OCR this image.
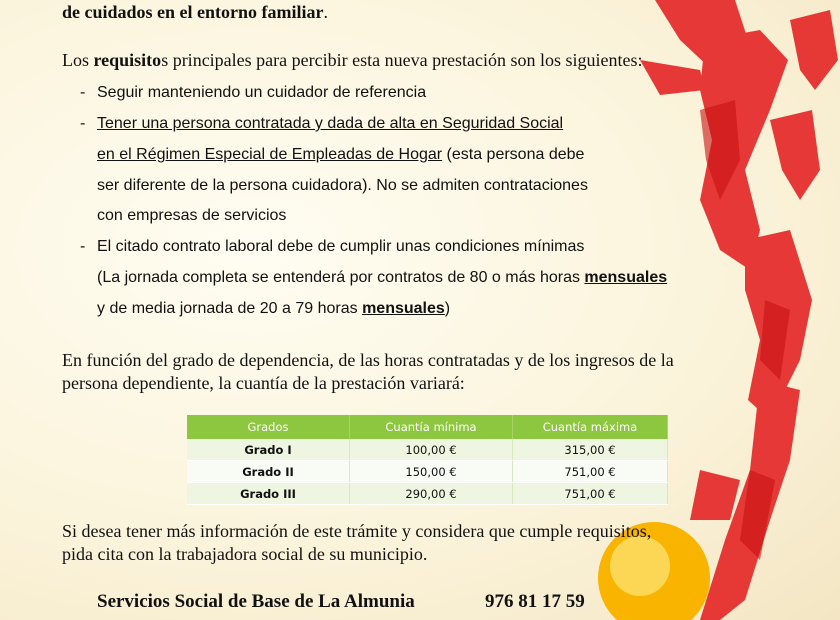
de cuidados en el entorno familiar.
Los requisitos principales para percibir esta nueva prestación son los siguientes:
- Seguir manteniendo un cuidador de referencia
- Tener una persona contratada y dada de alta en Seguridad Social
en el Régimen Especial de Empleadas de Hogar (esta persona debe
ser diferente de la persona cuidadora). No se admiten contrataciones
con empresas de servicios
- El citado contrato laboral debe de cumplir unas condiciones mínimas
(La jornada completa se entenderá por contratos de 80 o más horas mensuales
y de media jornada de 20 a 79 horas mensuales)
En función del grado de dependencia, de las horas contratadas y de los ingresos de la
persona dependiente, la cuantía de la prestación variará:
Grados	Cuantía mínima	Cuantía máxima
Grado I	100,00 €	315,00 €
Grado II	150,00 €	751,00 €
Grado III	290,00 €	751,00 €
Si desea tener más información de este trámite y considera que cumple requisitos,
pida cita con la trabajadora social de su municipio.
Servicios Social de Base de La Almunia	976 81 17 59
